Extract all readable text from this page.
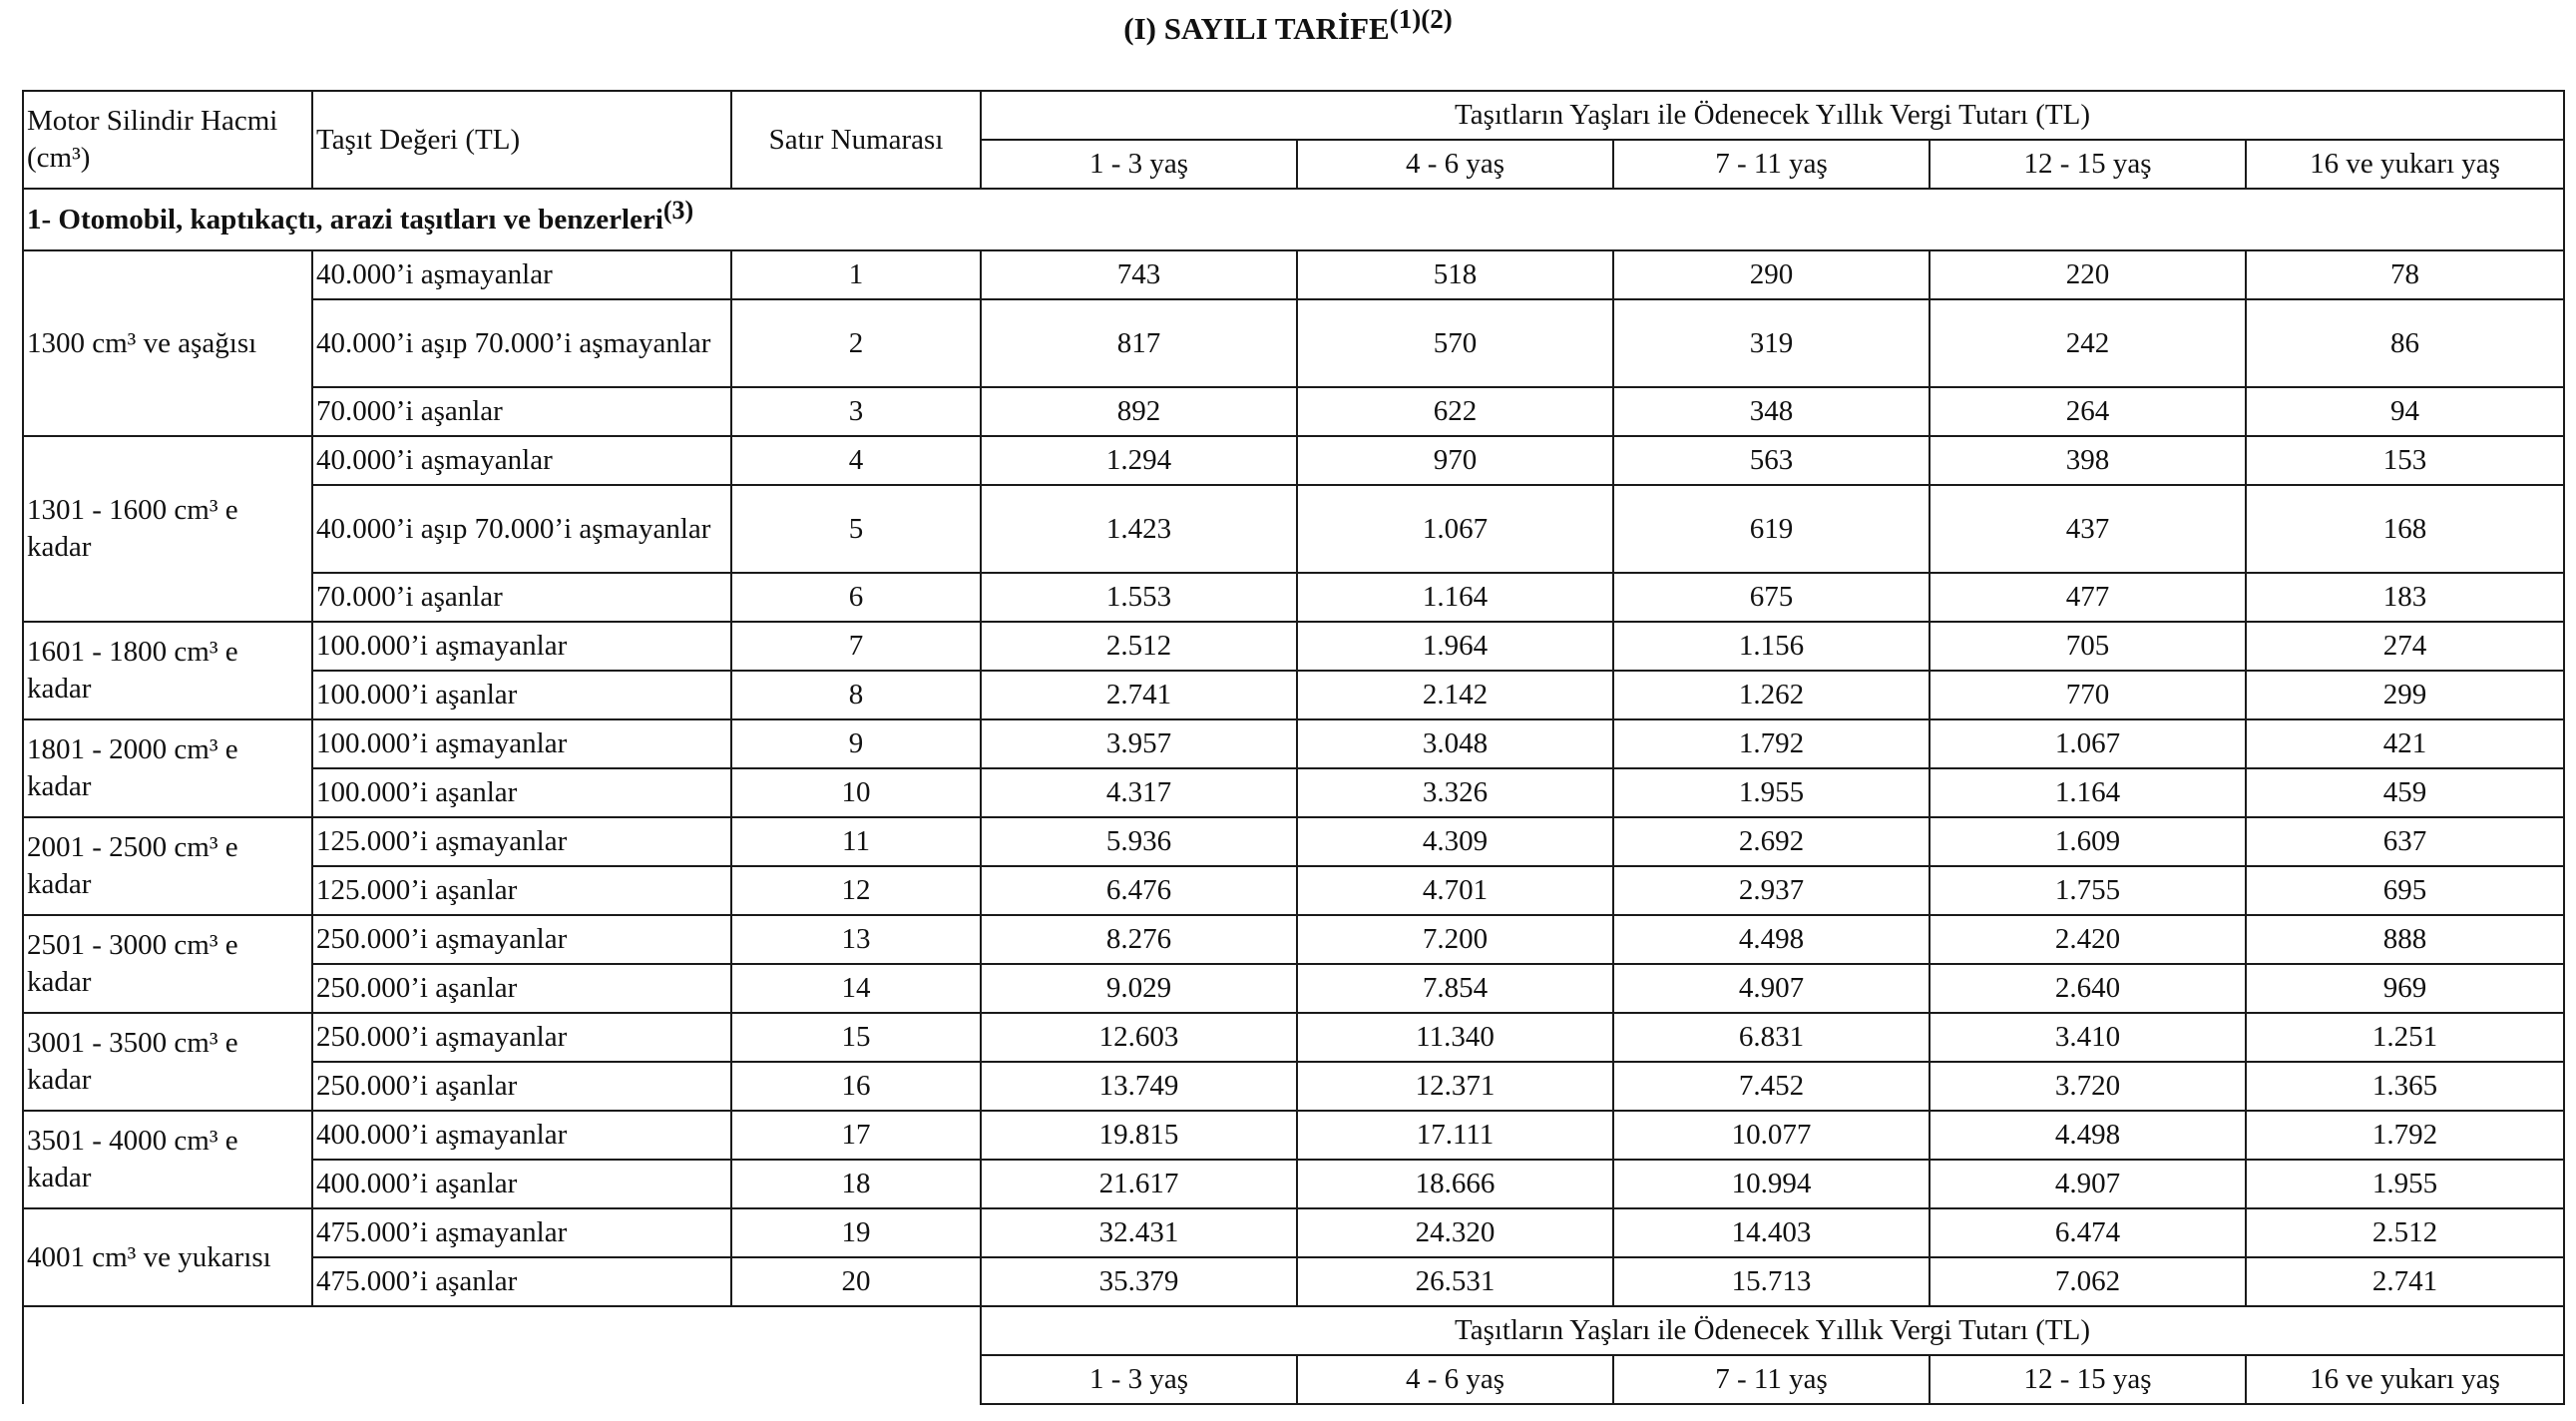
(I) SAYILI $TARİFE^{(1)(2)}$
Motor Silindir Hacmi (cm³)	Taşıt Değeri (TL)	Satır Numarası	Taşıtların Yaşları ile Ödenecek Yıllık Vergi Tutarı (TL)				
			1 - 3 yaş	4 - 6 yaş	7 - 11 yaş	12 - 15 yaş	16 ve yukarı yaş
1- Otomobil, kaptıkaçtı, arazi taşıtları ve benzerleri$^{(3)}$
1300 cm³ ve aşağısı	40.000’i aşmayanlar	1	743	518	290	220	78
	40.000’i aşıp 70.000’i aşmayanlar	2	817	570	319	242	86
	70.000’i aşanlar	3	892	622	348	264	94
1301 - 1600 cm³ e kadar	40.000’i aşmayanlar	4	1.294	970	563	398	153
	40.000’i aşıp 70.000’i aşmayanlar	5	1.423	1.067	619	437	168
	70.000’i aşanlar	6	1.553	1.164	675	477	183
1601 - 1800 cm³ e kadar	100.000’i aşmayanlar	7	2.512	1.964	1.156	705	274
	100.000’i aşanlar	8	2.741	2.142	1.262	770	299
1801 - 2000 cm³ e kadar	100.000’i aşmayanlar	9	3.957	3.048	1.792	1.067	421
	100.000’i aşanlar	10	4.317	3.326	1.955	1.164	459
2001 - 2500 cm³ e kadar	125.000’i aşmayanlar	11	5.936	4.309	2.692	1.609	637
	125.000’i aşanlar	12	6.476	4.701	2.937	1.755	695
2501 - 3000 cm³ e kadar	250.000’i aşmayanlar	13	8.276	7.200	4.498	2.420	888
	250.000’i aşanlar	14	9.029	7.854	4.907	2.640	969
3001 - 3500 cm³ e kadar	250.000’i aşmayanlar	15	12.603	11.340	6.831	3.410	1.251
	250.000’i aşanlar	16	13.749	12.371	7.452	3.720	1.365
3501 - 4000 cm³ e kadar	400.000’i aşmayanlar	17	19.815	17.111	10.077	4.498	1.792
	400.000’i aşanlar	18	21.617	18.666	10.994	4.907	1.955
4001 cm³ ve yukarısı	475.000’i aşmayanlar	19	32.431	24.320	14.403	6.474	2.512
	475.000’i aşanlar	20	35.379	26.531	15.713	7.062	2.741
			Taşıtların Yaşları ile Ödenecek Yıllık Vergi Tutarı (TL)				
			1 - 3 yaş	4 - 6 yaş	7 - 11 yaş	12 - 15 yaş	16 ve yukarı yaş
